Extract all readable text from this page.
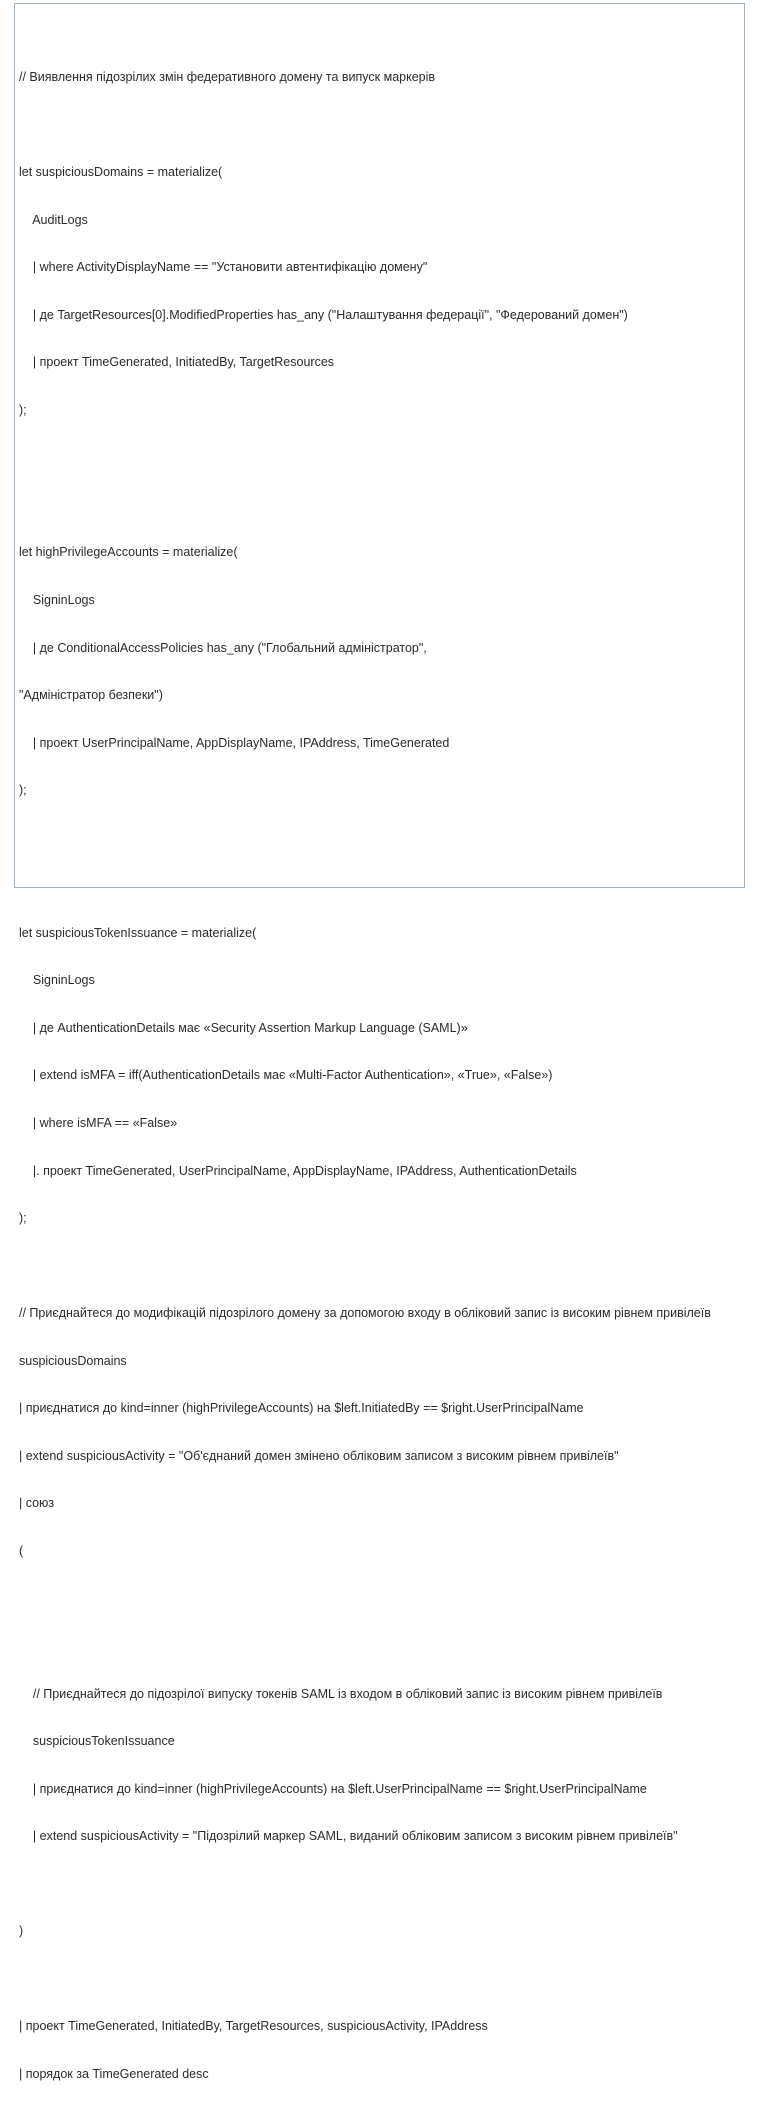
// Виявлення підозрілих змін федеративного домену та випуск маркерів

let suspiciousDomains = materialize(

AuditLogs

| where ActivityDisplayName == "Установити автентифікацію домену"

| де TargetResources[0].ModifiedProperties has_any ("Налаштування федерації", "Федерований домен")

| проект TimeGenerated, InitiatedBy, TargetResources

);

let highPrivilegeAccounts = materialize(

SigninLogs

| де ConditionalAccessPolicies has_any ("Глобальний адміністратор",

"Адміністратор безпеки")

| проект UserPrincipalName, AppDisplayName, IPAddress, TimeGenerated

);

let suspiciousTokenIssuance = materialize(

SigninLogs

| де AuthenticationDetails має «Security Assertion Markup Language (SAML)»

| extend isMFA = iff(AuthenticationDetails має «Multi-Factor Authentication», «True», «False»)

| where isMFA == «False»

|. проект TimeGenerated, UserPrincipalName, AppDisplayName, IPAddress, AuthenticationDetails

);

// Приєднайтеся до модифікацій підозрілого домену за допомогою входу в обліковий запис із високим рівнем привілеїв

suspiciousDomains

| приєднатися до kind=inner (highPrivilegeAccounts) на $left.InitiatedBy == $right.UserPrincipalName

| extend suspiciousActivity = "Об'єднаний домен змінено обліковим записом з високим рівнем привілеїв"

| союз

(

// Приєднайтеся до підозрілої випуску токенів SAML із входом в обліковий запис із високим рівнем привілеїв

suspiciousTokenIssuance

| приєднатися до kind=inner (highPrivilegeAccounts) на $left.UserPrincipalName == $right.UserPrincipalName

| extend suspiciousActivity = "Підозрілий маркер SAML, виданий обліковим записом з високим рівнем привілеїв"

)

| проект TimeGenerated, InitiatedBy, TargetResources, suspiciousActivity, IPAddress

| порядок за TimeGenerated desc
